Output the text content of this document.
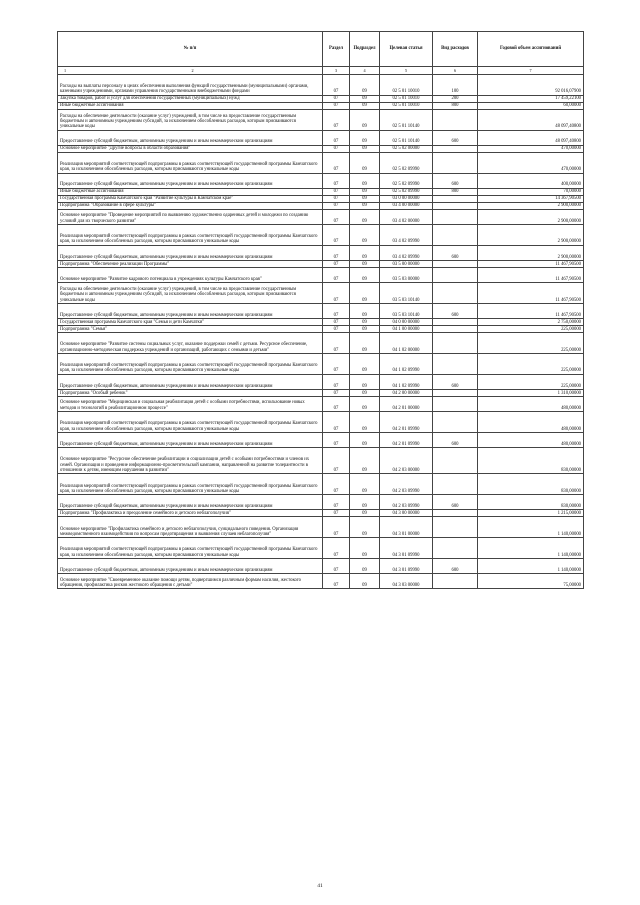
№ п/п	Раздел	Подраздел	Целевая статья	Вид расходов	Годовой объем ассигнований
1 2	3	4	5	6	7
Расходы на выплаты персоналу в целях обеспечения выполнения функций государственными (муниципальными) органами, казенными учреждениями, органами управления государственными внебюджетными фондами	07	09	02 5 01 10010	100	92 016,07900
Закупка товаров, работ и услуг для обеспечения государственных (муниципальных) нужд	07	09	02 5 01 10010	200	17 459,22100
Иные бюджетные ассигнования	07	09	02 5 01 10010	800	60,00000
Расходы на обеспечение деятельности (оказание услуг) учреждений, в том числе на предоставление государственным бюджетным и автономным учреждениям субсидий, за исключением обособленных расходов, которым присваиваются уникальные коды	07	09	02 5 01 10140		48 097,40800
Предоставление субсидий бюджетным, автономным учреждениям и иным некоммерческим организациям	07	09	02 5 01 10140	600	48 097,40800
Основное мероприятие "Другие вопросы в области образования"	07	09	02 5 02 00000		470,00000
Реализация мероприятий соответствующей подпрограммы в рамках соответствующей государственной программы Камчатского края, за исключением обособленных расходов, которым присваиваются уникальные коды	07	09	02 5 02 09990		470,00000
Предоставление субсидий бюджетным, автономным учреждениям и иным некоммерческим организациям	07	09	02 5 02 09990	600	400,00000
Иные бюджетные ассигнования	07	09	02 5 02 09990	800	70,00000
Государственная программа Камчатского края "Развитие культуры в Камчатском крае"	07	09	03 0 00 00000		14 367,90500
Подпрограмма "Образование в сфере культуры"	07	09	03 4 00 00000		2 900,00000
Основное мероприятие "Проведение мероприятий по выявлению художественно одаренных детей и молодежи по созданию условий для их творческого развития"	07	09	03 4 02 00000		2 900,00000
Реализация мероприятий соответствующей подпрограммы в рамках соответствующей государственной программы Камчатского края, за исключением обособленных расходов, которым присваиваются уникальные коды	07	09	03 4 02 09990		2 900,00000
Предоставление субсидий бюджетным, автономным учреждениям и иным некоммерческим организациям	07	09	03 4 02 09990	600	2 900,00000
Подпрограмма "Обеспечение реализации Программы"	07	09	03 5 00 00000		11 467,90500
Основное мероприятие "Развитие кадрового потенциала в учреждениях культуры Камчатского края"	07	09	03 5 03 00000		11 467,90500
Расходы на обеспечение деятельности (оказание услуг) учреждений, в том числе на предоставление государственным бюджетным и автономным учреждениям субсидий, за исключением обособленных расходов, которым присваиваются уникальные коды	07	09	03 5 03 10140		11 467,90500
Предоставление субсидий бюджетным, автономным учреждениям и иным некоммерческим организациям	07	09	03 5 03 10140	600	11 467,90500
Государственная программа Камчатского края "Семья и дети Камчатки"	07	09	04 0 00 00000		2 750,00000
Подпрограмма "Семья"	07	09	04 1 00 00000		225,00000
Основное мероприятие "Развитие системы социальных услуг, оказание поддержки семей с детьми. Ресурсное обеспечение, организационно-методическая поддержка учреждений и организаций, работающих с семьями и детьми"	07	09	04 1 02 00000		225,00000
Реализация мероприятий соответствующей подпрограммы в рамках соответствующей государственной программы Камчатского края, за исключением обособленных расходов, которым присваиваются уникальные коды	07	09	04 1 02 09990		225,00000
Предоставление субсидий бюджетным, автономным учреждениям и иным некоммерческим организациям	07	09	04 1 02 09990	600	225,00000
Подпрограмма "Особый ребенок"	07	09	04 2 00 00000		1 310,00000
Основное мероприятие "Медицинская и социальная реабилитация детей с особыми потребностями, использование новых методов и технологий в реабилитационном процессе"	07	09	04 2 01 00000		480,00000
Реализация мероприятий соответствующей подпрограммы в рамках соответствующей государственной программы Камчатского края, за исключением обособленных расходов, которым присваиваются уникальные коды	07	09	04 2 01 09990		480,00000
Предоставление субсидий бюджетным, автономным учреждениям и иным некоммерческим организациям	07	09	04 2 01 09990	600	480,00000
Основное мероприятие "Ресурсное обеспечение реабилитации и социализации детей с особыми потребностями и членов их семей. Организация и проведение информационно-просветительской кампании, направленной на развитие толерантности в отношении к детям, имеющим нарушения в развитии"	07	09	04 2 03 00000		830,00000
Реализация мероприятий соответствующей подпрограммы в рамках соответствующей государственной программы Камчатского края, за исключением обособленных расходов, которым присваиваются уникальные коды	07	09	04 2 03 09990		830,00000
Предоставление субсидий бюджетным, автономным учреждениям и иным некоммерческим организациям	07	09	04 2 03 09990	600	830,00000
Подпрограмма "Профилактика и преодоление семейного и детского неблагополучия"	07	09	04 3 00 00000		1 215,00000
Основное мероприятие "Профилактика семейного и детского неблагополучия, суицидального поведения. Организация межведомственного взаимодействия по вопросам предотвращения и выявления случаев неблагополучия"	07	09	04 3 01 00000		1 140,00000
Реализация мероприятий соответствующей подпрограммы в рамках соответствующей государственной программы Камчатского края, за исключением обособленных расходов, которым присваиваются уникальные коды	07	09	04 3 01 09990		1 140,00000
Предоставление субсидий бюджетным, автономным учреждениям и иным некоммерческим организациям	07	09	04 3 01 09990	600	1 140,00000
Основное мероприятие "Своевременное оказание помощи детям, подвергшимся различным формам насилия, жестокого обращения, профилактика рисков жестокого обращения с детьми"	07	09	04 3 03 00000		75,00000
41
